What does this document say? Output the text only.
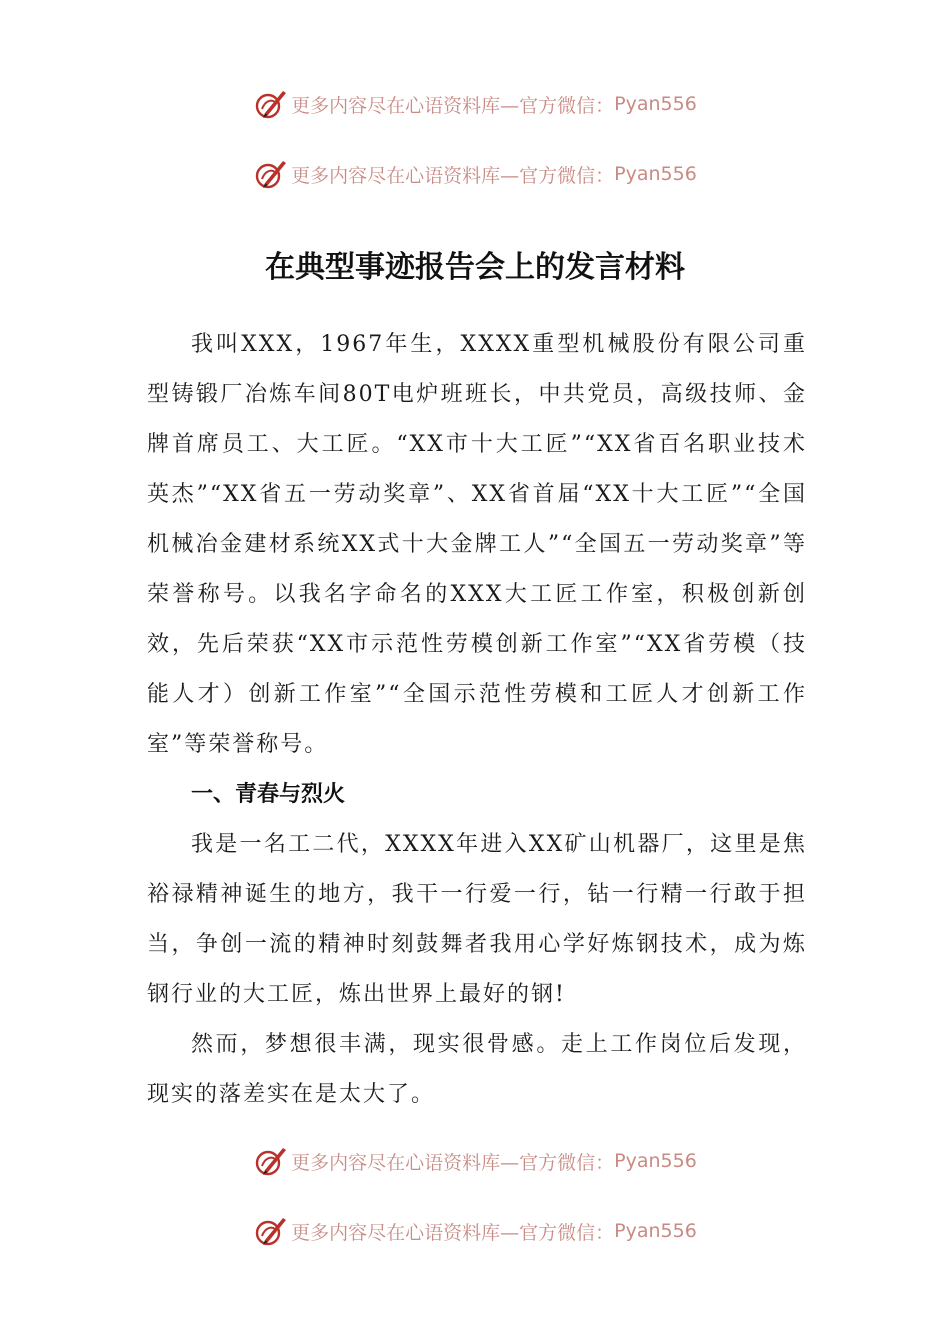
更多内容尽在心语资料库—官方微信： Pyan556
更多内容尽在心语资料库—官方微信： Pyan556
在典型事迹报告会上的发言材料

我叫XXX，1967年生，XXXX重型机械股份有限公司重型铸锻厂冶炼车间80T电炉班班长，中共党员，高级技师、金牌首席员工、大工匠。“XX市十大工匠”“XX省百名职业技术英杰”“XX省五一劳动奖章”、XX省首届“XX十大工匠”“全国机械冶金建材系统XX式十大金牌工人”“全国五一劳动奖章”等荣誉称号。以我名字命名的XXX大工匠工作室，积极创新创效，先后荣获“XX市示范性劳模创新工作室”“XX省劳模（技能人才）创新工作室”“全国示范性劳模和工匠人才创新工作室”等荣誉称号。

一、青春与烈火

我是一名工二代，XXXX年进入XX矿山机器厂，这里是焦裕禄精神诞生的地方，我干一行爱一行，钻一行精一行敢于担当，争创一流的精神时刻鼓舞者我用心学好炼钢技术，成为炼钢行业的大工匠，炼出世界上最好的钢!

然而，梦想很丰满，现实很骨感。走上工作岗位后发现，现实的落差实在是太大了。

更多内容尽在心语资料库—官方微信： Pyan556
更多内容尽在心语资料库—官方微信： Pyan556
